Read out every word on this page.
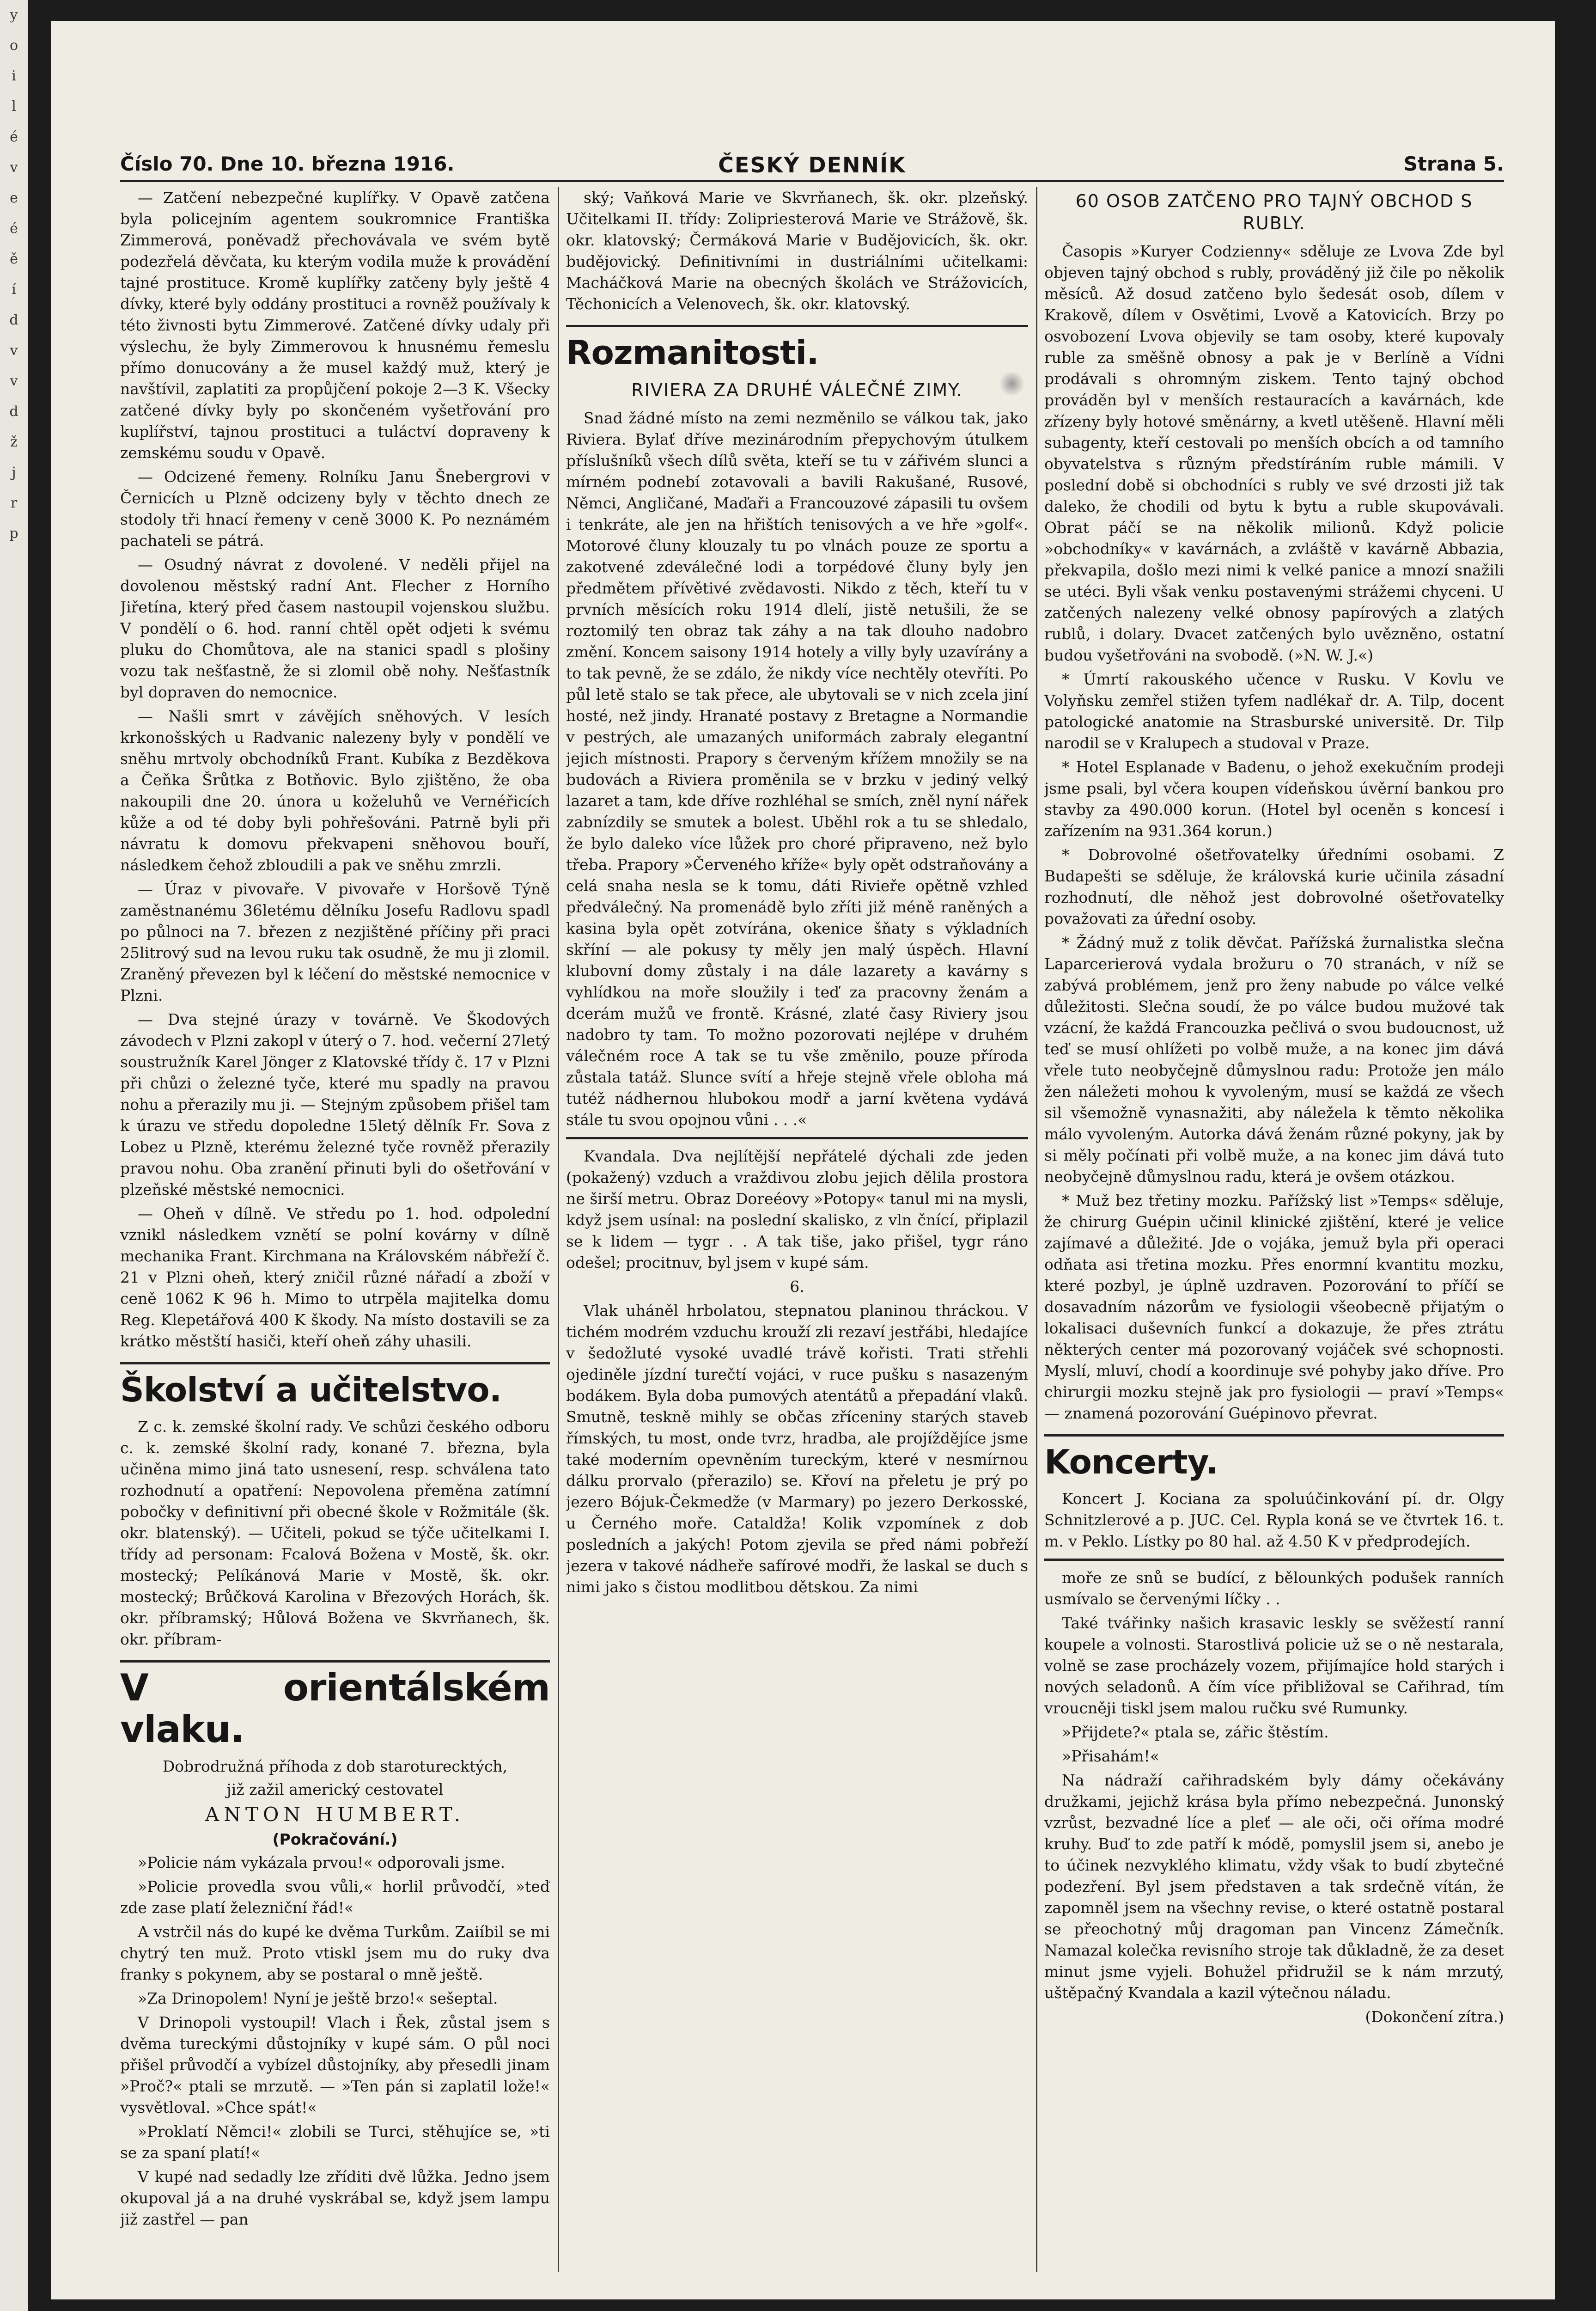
y
o
i
l
é
v
e
é
ě
í
d
v
v
d
ž
j
r
p
Číslo 70. Dne 10. března 1916.	ČESKÝ DENNÍK	Strana 5.

— Zatčení nebezpečné kuplířky. V Opavě zatčena byla policejním agentem soukromnice Františka Zimmerová, poněvadž přechovávala ve svém bytě podezřelá děvčata, ku kterým vodila muže k provádění tajné prostituce. Kromě kuplířky zatčeny byly ještě 4 dívky, které byly oddány prostituci a rovněž používaly k této živnosti bytu Zimmerové. Zatčené dívky udaly při výslechu, že byly Zimmerovou k hnusnému řemeslu přímo donucovány a že musel každý muž, který je navštívil, zaplatiti za propůjčení pokoje 2—3 K. Všecky zatčené dívky byly po skončeném vyšetřování pro kuplířství, tajnou prostituci a tuláctví dopraveny k zemskému soudu v Opavě.

— Odcizené řemeny. Rolníku Janu Šnebergrovi v Černicích u Plzně odcizeny byly v těchto dnech ze stodoly tři hnací řemeny v ceně 3000 K. Po neznámém pachateli se pátrá.

— Osudný návrat z dovolené. V neděli přijel na dovolenou městský radní Ant. Flecher z Horního Jiřetína, který před časem nastoupil vojenskou službu. V pondělí o 6. hod. ranní chtěl opět odjeti k svému pluku do Chomůtova, ale na stanici spadl s plošiny vozu tak nešťastně, že si zlomil obě nohy. Nešťastník byl dopraven do nemocnice.

— Našli smrt v závějích sněhových. V lesích krkonošských u Radvanic nalezeny byly v pondělí ve sněhu mrtvoly obchodníků Frant. Kubíka z Bezděkova a Čeňka Šrůtka z Botňovic. Bylo zjištěno, že oba nakoupili dne 20. února u koželuhů ve Vernéřicích kůže a od té doby byli pohřešováni. Patrně byli při návratu k domovu překvapeni sněhovou bouří, následkem čehož zbloudili a pak ve sněhu zmrzli.

— Úraz v pivovaře. V pivovaře v Horšově Týně zaměstnanému 36letému dělníku Josefu Radlovu spadl po půlnoci na 7. březen z nezjištěné příčiny při praci 25litrový sud na levou ruku tak osudně, že mu ji zlomil. Zraněný převezen byl k léčení do městské nemocnice v Plzni.

— Dva stejné úrazy v továrně. Ve Škodových závodech v Plzni zakopl v úterý o 7. hod. večerní 27letý soustružník Karel Jönger z Klatovské třídy č. 17 v Plzni při chůzi o železné tyče, které mu spadly na pravou nohu a přerazily mu ji. — Stejným způsobem přišel tam k úrazu ve středu dopoledne 15letý dělník Fr. Sova z Lobez u Plzně, kterému železné tyče rovněž přerazily pravou nohu. Oba zranění přinuti byli do ošetřování v plzeňské městské nemocnici.

— Oheň v dílně. Ve středu po 1. hod. odpolední vznikl následkem vznětí se polní kovárny v dílně mechanika Frant. Kirchmana na Královském nábřeží č. 21 v Plzni oheň, který zničil různé nářadí a zboží v ceně 1062 K 96 h. Mimo to utrpěla majitelka domu Reg. Klepetářová 400 K škody. Na místo dostavili se za krátko městští hasiči, kteří oheň záhy uhasili.

Školství a učitelstvo.

Z c. k. zemské školní rady. Ve schůzi českého odboru c. k. zemské školní rady, konané 7. března, byla učiněna mimo jiná tato usnesení, resp. schválena tato rozhodnutí a opatření: Nepovolena přeměna zatímní pobočky v definitivní při obecné škole v Rožmitále (šk. okr. blatenský). — Učiteli, pokud se týče učitelkami I. třídy ad personam: Fcalová Božena v Mostě, šk. okr. mostecký; Pelíkánová Marie v Mostě, šk. okr. mostecký; Brůčková Karolina v Březových Horách, šk. okr. příbramský; Hůlová Božena ve Skvrňanech, šk. okr. příbram-

V orientálském vlaku.
Dobrodružná příhoda z dob staroturecktých,
již zažil americký cestovatel
ANTON HUMBERT.
(Pokračování.)

»Policie nám vykázala prvou!« odporovali jsme.

»Policie provedla svou vůli,« horlil průvodčí, »teď zde zase platí železniční řád!«

A vstrčil nás do kupé ke dvěma Turkům. Zaiíbil se mi chytrý ten muž. Proto vtiskl jsem mu do ruky dva franky s pokynem, aby se postaral o mně ještě.

»Za Drinopolem! Nyní je ještě brzo!« sešeptal.

V Drinopoli vystoupil! Vlach i Řek, zůstal jsem s dvěma tureckými důstojníky v kupé sám. O půl noci přišel průvodčí a vybízel důstojníky, aby přesedli jinam »Proč?« ptali se mrzutě. — »Ten pán si zaplatil lože!« vysvětloval. »Chce spát!«

»Proklatí Němci!« zlobili se Turci, stěhujíce se, »ti se za spaní platí!«

V kupé nad sedadly lze zříditi dvě lůžka. Jedno jsem okupoval já a na druhé vyskrábal se, když jsem lampu již zastřel — pan

ský; Vaňková Marie ve Skvrňanech, šk. okr. plzeňský. Učitelkami II. třídy: Zolipriesterová Marie ve Strážově, šk. okr. klatovský; Čermáková Marie v Budějovicích, šk. okr. budějovický. Definitivními in dustriálními učitelkami: Macháčková Marie na obecných školách ve Strážovicích, Těchonicích a Velenovech, šk. okr. klatovský.

Rozmanitosti.
RIVIERA ZA DRUHÉ VÁLEČNÉ ZIMY.

Snad žádné místo na zemi nezměnilo se válkou tak, jako Riviera. Bylať dříve mezinárodním přepychovým útulkem příslušníků všech dílů světa, kteří se tu v zářivém slunci a mírném podnebí zotavovali a bavili Rakušané, Rusové, Němci, Angličané, Maďaři a Francouzové zápasili tu ovšem i tenkráte, ale jen na hřištích tenisových a ve hře »golf«. Motorové čluny klouzaly tu po vlnách pouze ze sportu a zakotvené zdeválečné lodi a torpédové čluny byly jen předmětem přívětivé zvědavosti. Nikdo z těch, kteří tu v prvních měsících roku 1914 dlelí, jistě netušili, že se roztomilý ten obraz tak záhy a na tak dlouho nadobro změní. Koncem saisony 1914 hotely a villy byly uzavírány a to tak pevně, že se zdálo, že nikdy více nechtěly otevříti. Po půl letě stalo se tak přece, ale ubytovali se v nich zcela jiní hosté, než jindy. Hranaté postavy z Bretagne a Normandie v pestrých, ale umazaných uniformách zabraly elegantní jejich místnosti. Prapory s červeným křížem množily se na budovách a Riviera proměnila se v brzku v jediný velký lazaret a tam, kde dříve rozhléhal se smích, zněl nyní nářek zabnízdily se smutek a bolest. Uběhl rok a tu se shledalo, že bylo daleko více lůžek pro choré připraveno, než bylo třeba. Prapory »Červeného kříže« byly opět odstraňovány a celá snaha nesla se k tomu, dáti Rivieře opětně vzhled předválečný. Na promenádě bylo zříti již méně raněných a kasina byla opět zotvírána, okenice šňaty s výkladních skříní — ale pokusy ty měly jen malý úspěch. Hlavní klubovní domy zůstaly i na dále lazarety a kavárny s vyhlídkou na moře sloužily i teď za pracovny ženám a dcerám mužů ve frontě. Krásné, zlaté časy Riviery jsou nadobro ty tam. To možno pozorovati nejlépe v druhém válečném roce A tak se tu vše změnilo, pouze příroda zůstala tatáž. Slunce svítí a hřeje stejně vřele obloha má tutéž nádhernou hlubokou modř a jarní květena vydává stále tu svou opojnou vůni . . .«

Kvandala. Dva nejlítější nepřátelé dýchali zde jeden (pokažený) vzduch a vraždivou zlobu jejich dělila prostora ne širší metru. Obraz Doreéovy »Potopy« tanul mi na mysli, když jsem usínal: na poslední skalisko, z vln čnící, připlazil se k lidem — tygr . . A tak tiše, jako přišel, tygr ráno odešel; procitnuv, byl jsem v kupé sám.

6.

Vlak uháněl hrbolatou, stepnatou planinou thráckou. V tichém modrém vzduchu krouží zli rezaví jestřábi, hledajíce v šedožluté vysoké uvadlé trávě kořisti. Trati střehli ojediněle jízdní turečtí vojáci, v ruce pušku s nasazeným bodákem. Byla doba pumových atentátů a přepadání vlaků. Smutně, teskně mihly se občas zříceniny starých staveb římských, tu most, onde tvrz, hradba, ale projíždějíce jsme také moderním opevněním tureckým, které v nesmírnou dálku prorvalo (přerazilo) se. Křoví na přeletu je prý po jezero Bójuk-Čekmedže (v Marmary) po jezero Derkosské, u Černého moře. Cataldža! Kolik vzpomínek z dob posledních a jakých! Potom zjevila se před námi pobřeží jezera v takové nádheře safírové modři, že laskal se duch s nimi jako s čistou modlitbou dětskou. Za nimi

60 OSOB ZATČENO PRO TAJNÝ OBCHOD S RUBLY.

Časopis »Kuryer Codzienny« sděluje ze Lvova Zde byl objeven tajný obchod s rubly, prováděný již čile po několik měsíců. Až dosud zatčeno bylo šedesát osob, dílem v Krakově, dílem v Osvětimi, Lvově a Katovicích. Brzy po osvobození Lvova objevily se tam osoby, které kupovaly ruble za směšně obnosy a pak je v Berlíně a Vídni prodávali s ohromným ziskem. Tento tajný obchod prováděn byl v menších restauracích a kavárnách, kde zřízeny byly hotové směnárny, a kvetl utěšeně. Hlavní měli subagenty, kteří cestovali po menších obcích a od tamního obyvatelstva s různým předstíráním ruble mámili. V poslední době si obchodníci s rubly ve své drzosti již tak daleko, že chodili od bytu k bytu a ruble skupovávali. Obrat páčí se na několik milionů. Když policie »obchodníky« v kavárnách, a zvláště v kavárně Abbazia, překvapila, došlo mezi nimi k velké panice a mnozí snažili se utéci. Byli však venku postavenými strážemi chyceni. U zatčených nalezeny velké obnosy papírových a zlatých rublů, i dolary. Dvacet zatčených bylo uvězněno, ostatní budou vyšetřováni na svobodě. (»N. W. J.«)

* Úmrtí rakouského učence v Rusku. V Kovlu ve Volyňsku zemřel stižen tyfem nadlékař dr. A. Tilp, docent patologické anatomie na Strasburské universitě. Dr. Tilp narodil se v Kralupech a studoval v Praze.

* Hotel Esplanade v Badenu, o jehož exekučním prodeji jsme psali, byl včera koupen vídeňskou úvěrní bankou pro stavby za 490.000 korun. (Hotel byl oceněn s koncesí i zařízením na 931.364 korun.)

* Dobrovolné ošetřovatelky úředními osobami. Z Budapešti se sděluje, že královská kurie učinila zásadní rozhodnutí, dle něhož jest dobrovolné ošetřovatelky považovati za úřední osoby.

* Žádný muž z tolik děvčat. Pařížská žurnalistka slečna Laparcerierová vydala brožuru o 70 stranách, v níž se zabývá problémem, jenž pro ženy nabude po válce velké důležitosti. Slečna soudí, že po válce budou mužové tak vzácní, že každá Francouzka pečlivá o svou budoucnost, už teď se musí ohlížeti po volbě muže, a na konec jim dává vřele tuto neobyčejně důmyslnou radu: Protože jen málo žen náležeti mohou k vyvoleným, musí se každá ze všech sil všemožně vynasnažiti, aby náležela k těmto několika málo vyvoleným. Autorka dává ženám různé pokyny, jak by si měly počínati při volbě muže, a na konec jim dává tuto neobyčejně důmyslnou radu, která je ovšem otázkou.

* Muž bez třetiny mozku. Pařížský list »Temps« sděluje, že chirurg Guépin učinil klinické zjištění, které je velice zajímavé a důležité. Jde o vojáka, jemuž byla při operaci odňata asi třetina mozku. Přes enormní kvantitu mozku, které pozbyl, je úplně uzdraven. Pozorování to příčí se dosavadním názorům ve fysiologii všeobecně přijatým o lokalisaci duševních funkcí a dokazuje, že přes ztrátu některých center má pozorovaný vojáček své schopnosti. Myslí, mluví, chodí a koordinuje své pohyby jako dříve. Pro chirurgii mozku stejně jak pro fysiologii — praví »Temps« — znamená pozorování Guépinovo převrat.

Koncerty.

Koncert J. Kociana za spoluúčinkování pí. dr. Olgy Schnitzlerové a p. JUC. Cel. Rypla koná se ve čtvrtek 16. t. m. v Peklo. Lístky po 80 hal. až 4.50 K v předprodejích.

moře ze snů se budící, z bělounkých podušek ranních usmívalo se červenými líčky . .

Také tvářinky našich krasavic leskly se svěžestí ranní koupele a volnosti. Starostlivá policie už se o ně nestarala, volně se zase procházely vozem, přijímajíce hold starých i nových seladonů. A čím více přibližoval se Cařihrad, tím vroucněji tiskl jsem malou ručku své Rumunky.

»Přijdete?« ptala se, zářic štěstím.

»Přisahám!«

Na nádraží cařihradském byly dámy očekávány družkami, jejichž krása byla přímo nebezpečná. Junonský vzrůst, bezvadné líce a pleť — ale oči, oči oříma modré kruhy. Buď to zde patří k módě, pomyslil jsem si, anebo je to účinek nezvyklého klimatu, vždy však to budí zbytečné podezření. Byl jsem představen a tak srdečně vítán, že zapomněl jsem na všechny revise, o které ostatně postaral se přeochotný můj dragoman pan Vincenz Zámečník. Namazal kolečka revisního stroje tak důkladně, že za deset minut jsme vyjeli. Bohužel přidružil se k nám mrzutý, uštěpačný Kvandala a kazil výtečnou náladu.

(Dokončení zítra.)
